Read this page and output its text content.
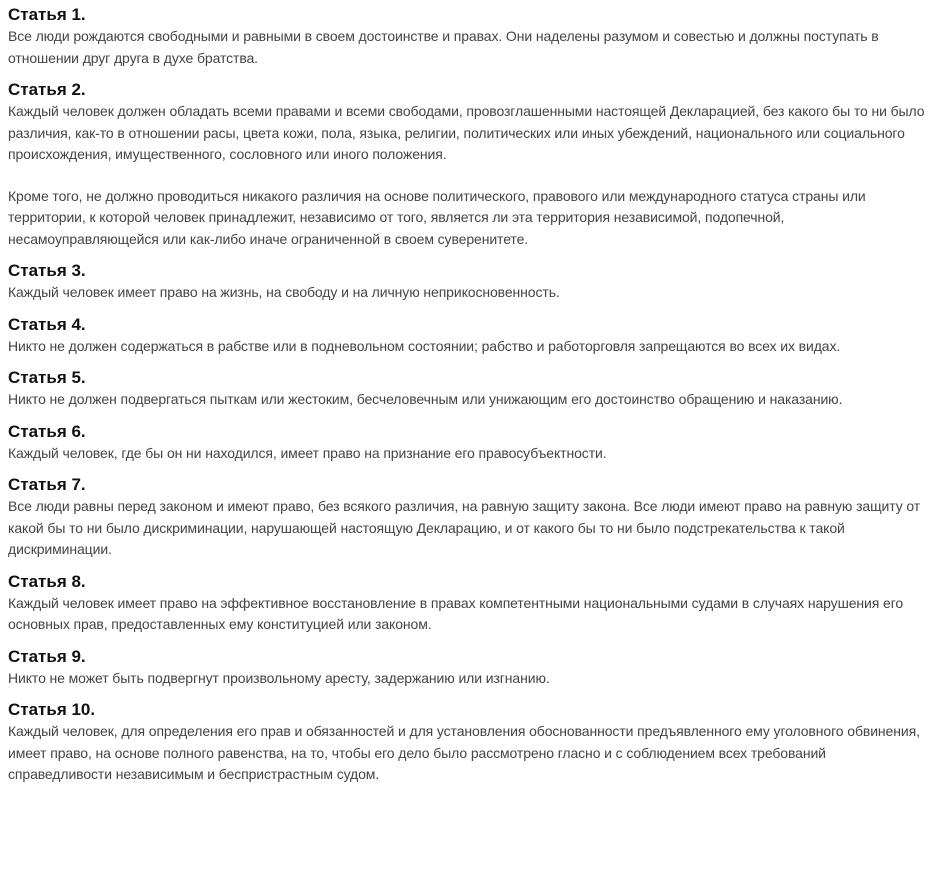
Статья 1.

Все люди рождаются свободными и равными в своем достоинстве и правах. Они наделены разумом и совестью и должны поступать в отношении друг друга в духе братства.

Статья 2.

Каждый человек должен обладать всеми правами и всеми свободами, провозглашенными настоящей Декларацией, без какого бы то ни было различия, как-то в отношении расы, цвета кожи, пола, языка, религии, политических или иных убеждений, национального или социального происхождения, имущественного, сословного или иного положения.

Кроме того, не должно проводиться никакого различия на основе политического, правового или международного статуса страны или территории, к которой человек принадлежит, независимо от того, является ли эта территория независимой, подопечной, несамоуправляющейся или как-либо иначе ограниченной в своем суверенитете.

Статья 3.

Каждый человек имеет право на жизнь, на свободу и на личную неприкосновенность.

Статья 4.

Никто не должен содержаться в рабстве или в подневольном состоянии; рабство и работорговля запрещаются во всех их видах.

Статья 5.

Никто не должен подвергаться пыткам или жестоким, бесчеловечным или унижающим его достоинство обращению и наказанию.

Статья 6.

Каждый человек, где бы он ни находился, имеет право на признание его правосубъектности.

Статья 7.

Все люди равны перед законом и имеют право, без всякого различия, на равную защиту закона. Все люди имеют право на равную защиту от какой бы то ни было дискриминации, нарушающей настоящую Декларацию, и от какого бы то ни было подстрекательства к такой дискриминации.

Статья 8.

Каждый человек имеет право на эффективное восстановление в правах компетентными национальными судами в случаях нарушения его основных прав, предоставленных ему конституцией или законом.

Статья 9.

Никто не может быть подвергнут произвольному аресту, задержанию или изгнанию.

Статья 10.

Каждый человек, для определения его прав и обязанностей и для установления обоснованности предъявленного ему уголовного обвинения, имеет право, на основе полного равенства, на то, чтобы его дело было рассмотрено гласно и с соблюдением всех требований справедливости независимым и беспристрастным судом.
